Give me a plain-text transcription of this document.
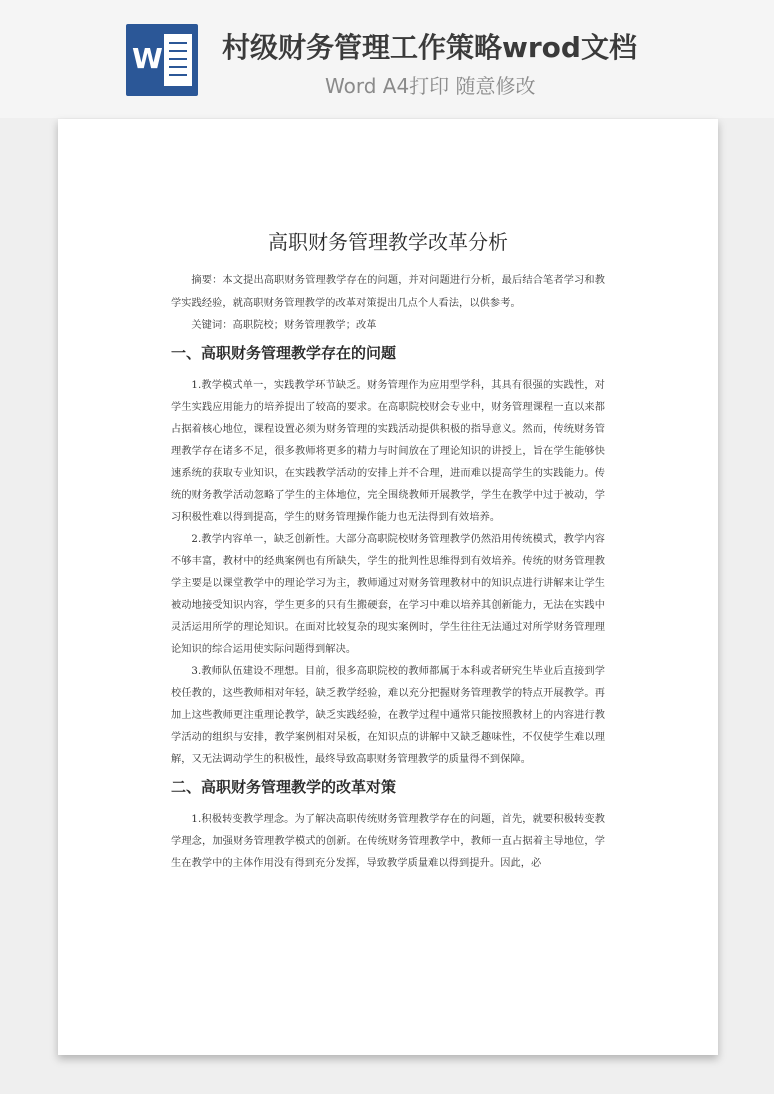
W	村级财务管理工作策略wrod文档
Word A4打印 随意修改
高职财务管理教学改革分析

摘要：本文提出高职财务管理教学存在的问题，并对问题进行分析，最后结合笔者学习和教学实践经验，就高职财务管理教学的改革对策提出几点个人看法，以供参考。

关键词：高职院校；财务管理教学；改革

一、高职财务管理教学存在的问题

1.教学模式单一，实践教学环节缺乏。财务管理作为应用型学科，其具有很强的实践性，对学生实践应用能力的培养提出了较高的要求。在高职院校财会专业中，财务管理课程一直以来都占据着核心地位，课程设置必须为财务管理的实践活动提供积极的指导意义。然而，传统财务管理教学存在诸多不足，很多教师将更多的精力与时间放在了理论知识的讲授上，旨在学生能够快速系统的获取专业知识，在实践教学活动的安排上并不合理，进而难以提高学生的实践能力。传统的财务教学活动忽略了学生的主体地位，完全围绕教师开展教学，学生在教学中过于被动，学习积极性难以得到提高，学生的财务管理操作能力也无法得到有效培养。

2.教学内容单一，缺乏创新性。大部分高职院校财务管理教学仍然沿用传统模式，教学内容不够丰富，教材中的经典案例也有所缺失，学生的批判性思维得到有效培养。传统的财务管理教学主要是以课堂教学中的理论学习为主，教师通过对财务管理教材中的知识点进行讲解来让学生被动地接受知识内容，学生更多的只有生搬硬套，在学习中难以培养其创新能力，无法在实践中灵活运用所学的理论知识。在面对比较复杂的现实案例时，学生往往无法通过对所学财务管理理论知识的综合运用使实际问题得到解决。

3.教师队伍建设不理想。目前，很多高职院校的教师都属于本科或者研究生毕业后直接到学校任教的，这些教师相对年轻，缺乏教学经验，难以充分把握财务管理教学的特点开展教学。再加上这些教师更注重理论教学，缺乏实践经验，在教学过程中通常只能按照教材上的内容进行教学活动的组织与安排，教学案例相对呆板，在知识点的讲解中又缺乏趣味性，不仅使学生难以理解，又无法调动学生的积极性，最终导致高职财务管理教学的质量得不到保障。

二、高职财务管理教学的改革对策

1.积极转变教学理念。为了解决高职传统财务管理教学存在的问题，首先，就要积极转变教学理念，加强财务管理教学模式的创新。在传统财务管理教学中，教师一直占据着主导地位，学生在教学中的主体作用没有得到充分发挥，导致教学质量难以得到提升。因此，必
